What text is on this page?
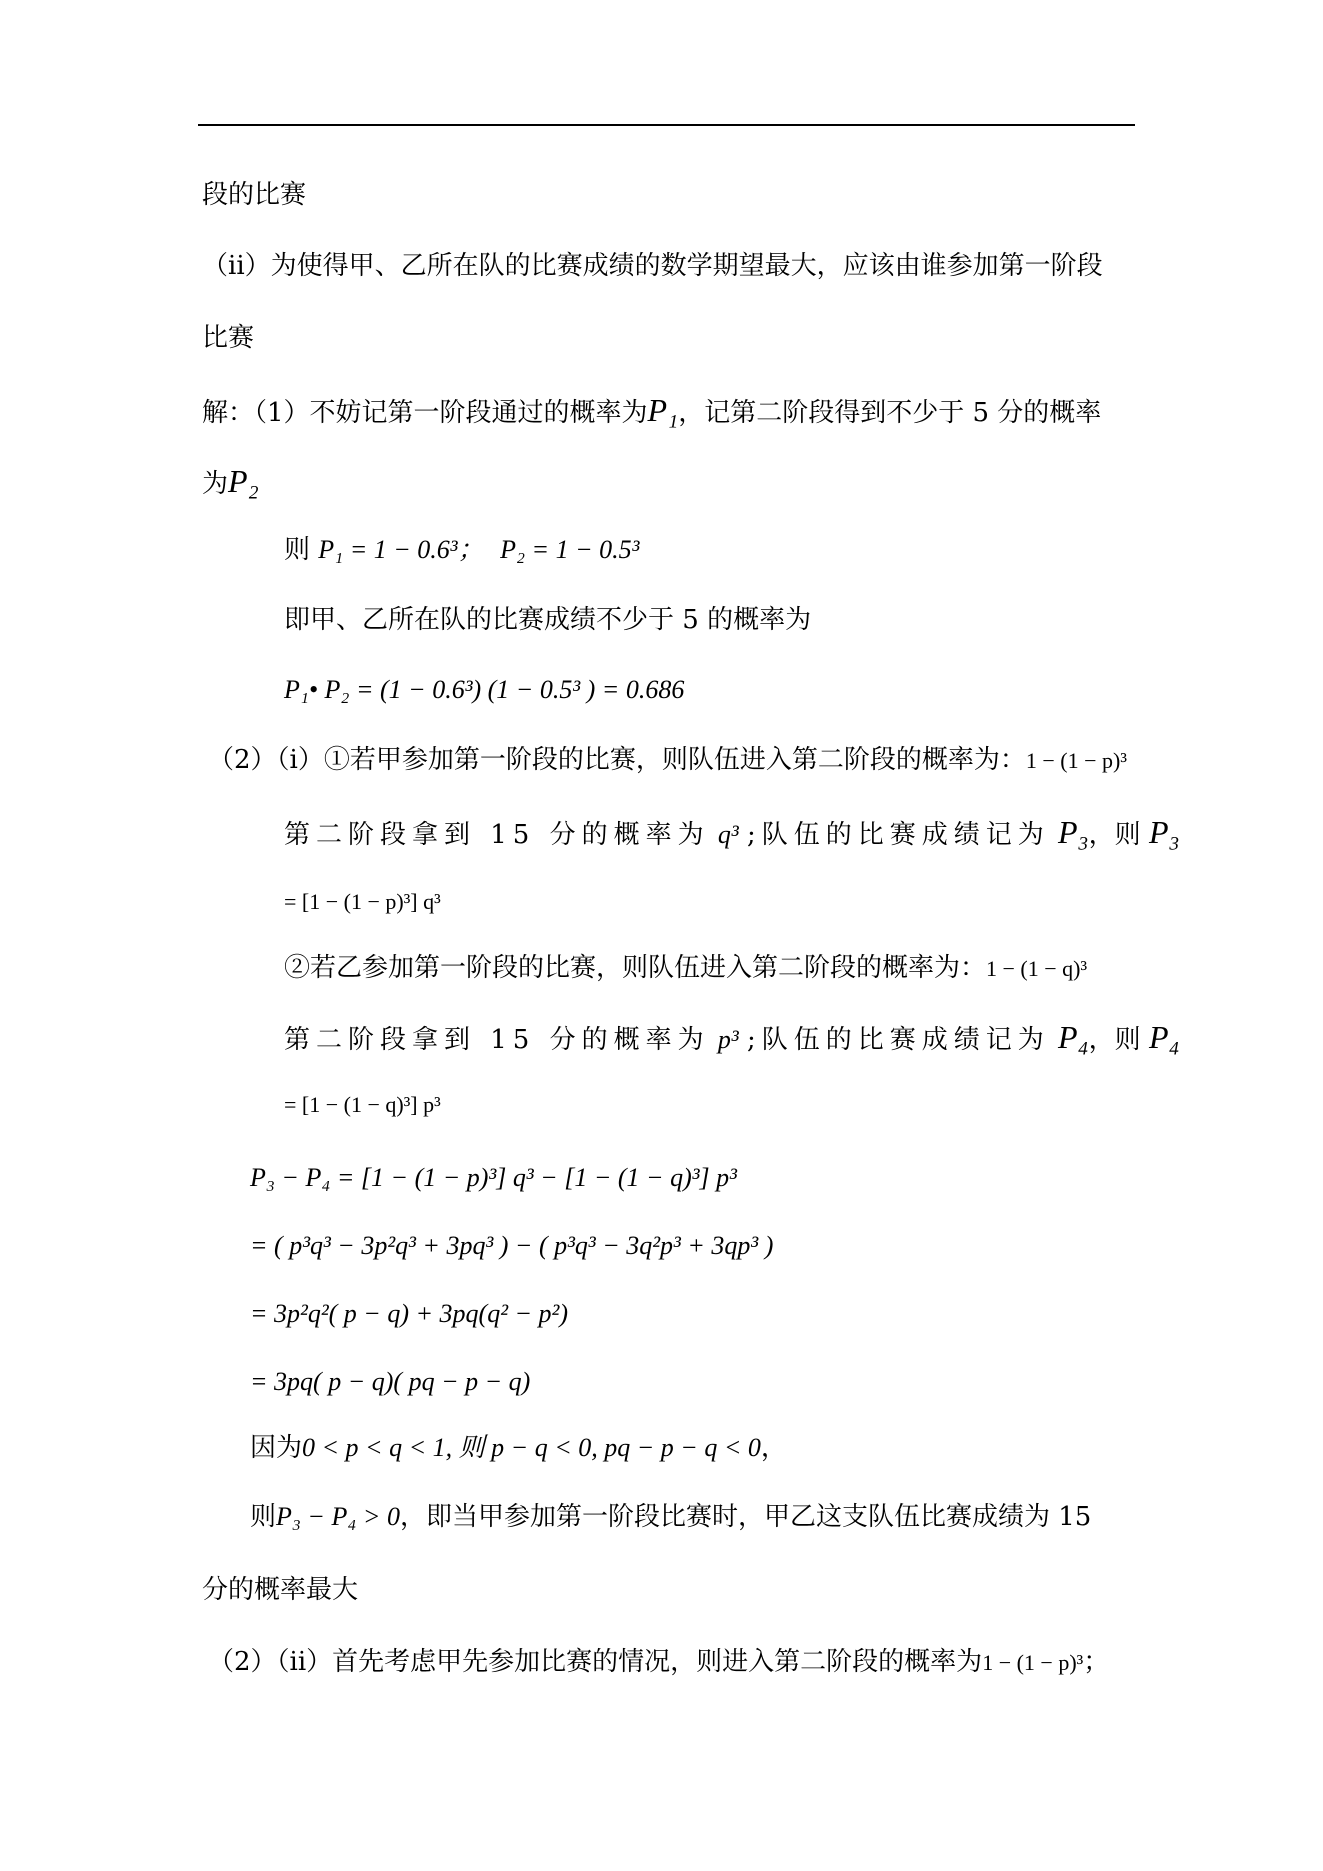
段的比赛
（ii）为使得甲、乙所在队的比赛成绩的数学期望最大，应该由谁参加第一阶段
比赛
解：（1）不妨记第一阶段通过的概率为P₁，记第二阶段得到不少于 5 分的概率
为P₂
则 P₁ = 1 − 0.6³； P₂ = 1 − 0.5³
即甲、乙所在队的比赛成绩不少于 5 的概率为
P₁• P₂ = (1 − 0.6³) (1 − 0.5³ ) = 0.686
（2）（i）①若甲参加第一阶段的比赛，则队伍进入第二阶段的概率为：1 − (1 − p)³
第二阶段拿到 15 分的概率为 q³ ;队伍的比赛成绩记为 P₃，则 P₃
= [1 − (1 − p)³] q³
②若乙参加第一阶段的比赛，则队伍进入第二阶段的概率为：1 − (1 − q)³
第二阶段拿到 15 分的概率为 p³ ;队伍的比赛成绩记为 P₄，则 P₄
= [1 − (1 − q)³] p³
P₃ − P₄ = [1 − (1 − p)³] q³ − [1 − (1 − q)³] p³
= ( p³q³ − 3p²q³ + 3pq³ ) − ( p³q³ − 3q²p³ + 3qp³ )
= 3p²q²( p − q) + 3pq(q² − p²)
= 3pq( p − q)( pq − p − q)
因为0 < p < q < 1, 则 p − q < 0, pq − p − q < 0，
则P₃ − P₄ > 0，即当甲参加第一阶段比赛时，甲乙这支队伍比赛成绩为 15
分的概率最大
（2）（ii）首先考虑甲先参加比赛的情况，则进入第二阶段的概率为1 − (1 − p)³；
